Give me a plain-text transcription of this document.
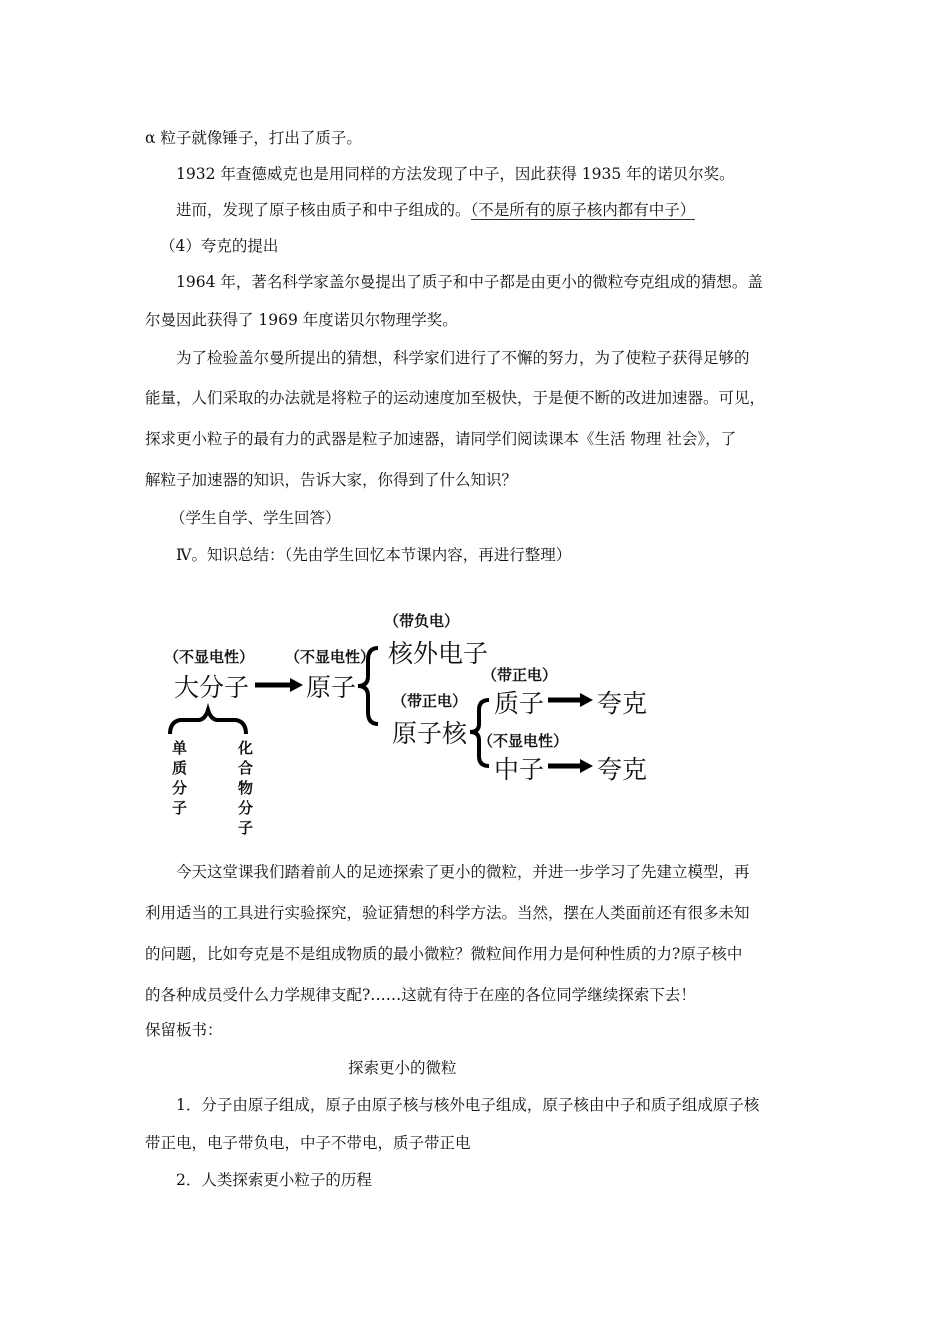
α 粒子就像锤子，打出了质子。
1932 年查德威克也是用同样的方法发现了中子，因此获得 1935 年的诺贝尔奖。
进而，发现了原子核由质子和中子组成的。（不是所有的原子核内都有中子）
（4）夸克的提出
1964 年，著名科学家盖尔曼提出了质子和中子都是由更小的微粒夸克组成的猜想。盖
尔曼因此获得了 1969 年度诺贝尔物理学奖。
为了检验盖尔曼所提出的猜想，科学家们进行了不懈的努力，为了使粒子获得足够的
能量，人们采取的办法就是将粒子的运动速度加至极快，于是便不断的改进加速器。可见，
探求更小粒子的最有力的武器是粒子加速器，请同学们阅读课本《生活 物理 社会》，了
解粒子加速器的知识，告诉大家，你得到了什么知识？
（学生自学、学生回答）
Ⅳ。知识总结：（先由学生回忆本节课内容，再进行整理）
（不显电性）
大分子
（不显电性）
原子
（带负电）
核外电子
（带正电）
原子核
（带正电）
质子
（不显电性）
中子
夸克
夸克
单质分子
化合物分子
今天这堂课我们踏着前人的足迹探索了更小的微粒，并进一步学习了先建立模型，再
利用适当的工具进行实验探究，验证猜想的科学方法。当然，摆在人类面前还有很多未知
的问题，比如夸克是不是组成物质的最小微粒？微粒间作用力是何种性质的力?原子核中
的各种成员受什么力学规律支配?……这就有待于在座的各位同学继续探索下去！
保留板书：
探索更小的微粒
1．分子由原子组成，原子由原子核与核外电子组成，原子核由中子和质子组成原子核
带正电，电子带负电，中子不带电，质子带正电
2．人类探索更小粒子的历程
